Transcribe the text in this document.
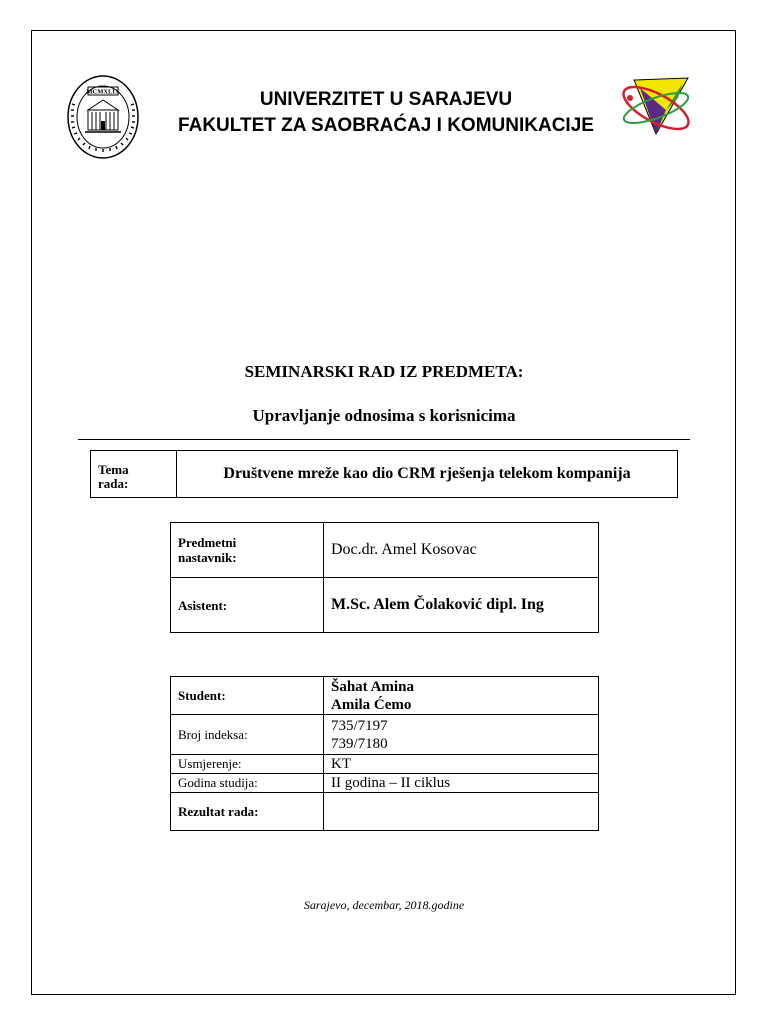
MCMXLIX	UNIVERZITET U SARAJEVU
FAKULTET ZA SAOBRAĆAJ I KOMUNIKACIJE
SEMINARSKI RAD IZ PREDMETA:
Upravljanje odnosima s korisnicima
Tema
rada:
	Društvene mreže kao dio CRM rješenja telekom kompanija
Predmetni
nastavnik:	Doc.dr. Amel Kosovac
Asistent:	M.Sc. Alem Čolaković dipl. Ing
Student:	Šahat Amina
Amila Ćemo

Broj indeksa:	735/7197
739/7180

Usmjerenje:	KT
Godina studija:	II godina – II ciklus
Rezultat rada:	
Sarajevo, decembar, 2018.godine
